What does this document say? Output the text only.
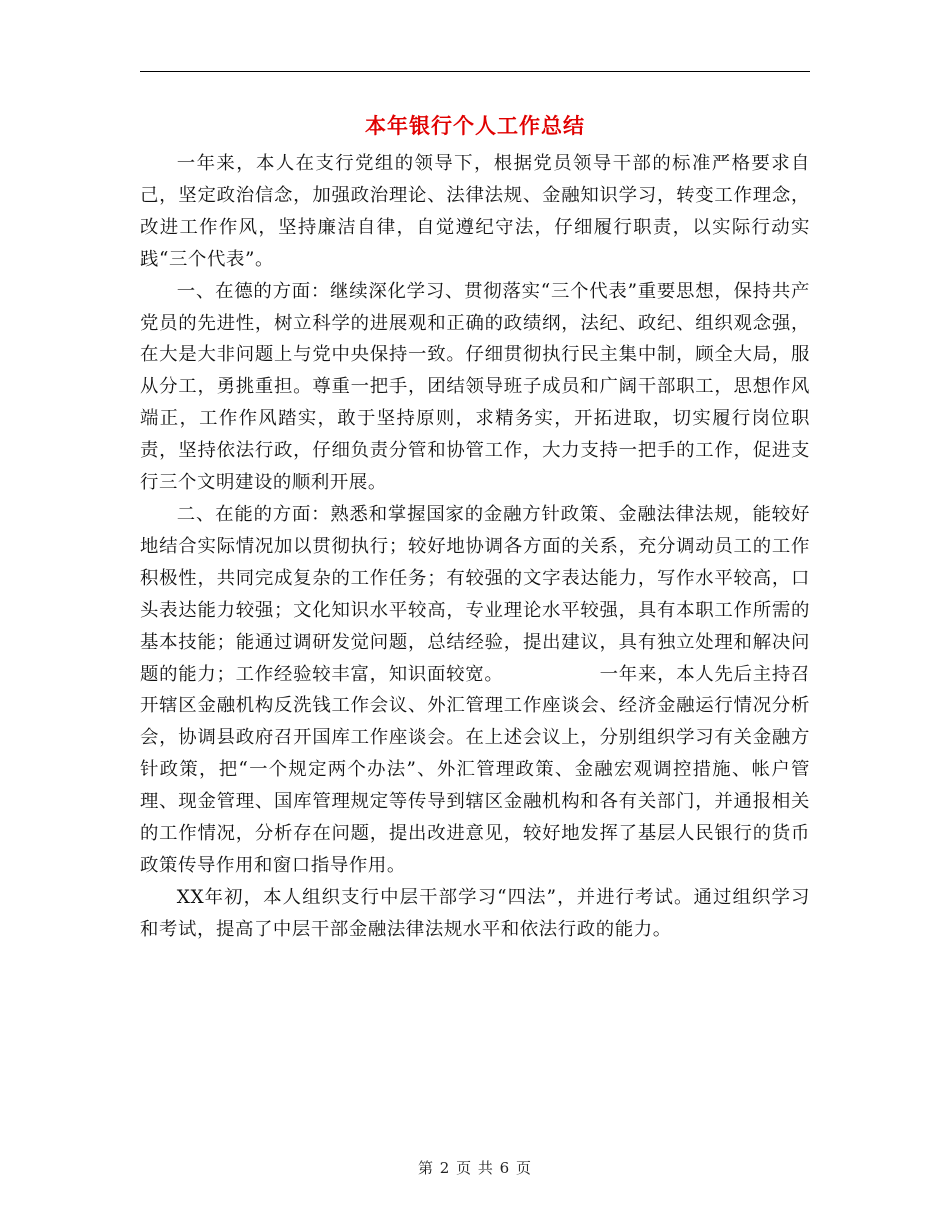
本年银行个人工作总结

一年来，本人在支行党组的领导下，根据党员领导干部的标准严格要求自己，坚定政治信念，加强政治理论、法律法规、金融知识学习，转变工作理念，改进工作作风，坚持廉洁自律，自觉遵纪守法，仔细履行职责，以实际行动实践“三个代表”。

一、在德的方面：继续深化学习、贯彻落实“三个代表”重要思想，保持共产党员的先进性，树立科学的进展观和正确的政绩纲，法纪、政纪、组织观念强，在大是大非问题上与党中央保持一致。仔细贯彻执行民主集中制，顾全大局，服从分工，勇挑重担。尊重一把手，团结领导班子成员和广阔干部职工，思想作风端正，工作作风踏实，敢于坚持原则，求精务实，开拓进取，切实履行岗位职责，坚持依法行政，仔细负责分管和协管工作，大力支持一把手的工作，促进支行三个文明建设的顺利开展。

二、在能的方面：熟悉和掌握国家的金融方针政策、金融法律法规，能较好地结合实际情况加以贯彻执行；较好地协调各方面的关系，充分调动员工的工作积极性，共同完成复杂的工作任务；有较强的文字表达能力，写作水平较高，口头表达能力较强；文化知识水平较高，专业理论水平较强，具有本职工作所需的基本技能；能通过调研发觉问题，总结经验，提出建议，具有独立处理和解决问题的能力；工作经验较丰富，知识面较宽。	一年来，本人先后主持召开辖区金融机构反洗钱工作会议、外汇管理工作座谈会、经济金融运行情况分析会，协调县政府召开国库工作座谈会。在上述会议上，分别组织学习有关金融方针政策，把“一个规定两个办法”、外汇管理政策、金融宏观调控措施、帐户管理、现金管理、国库管理规定等传导到辖区金融机构和各有关部门，并通报相关的工作情况，分析存在问题，提出改进意见，较好地发挥了基层人民银行的货币政策传导作用和窗口指导作用。

XX年初，本人组织支行中层干部学习“四法”，并进行考试。通过组织学习和考试，提高了中层干部金融法律法规水平和依法行政的能力。

第 2 页 共 6 页
